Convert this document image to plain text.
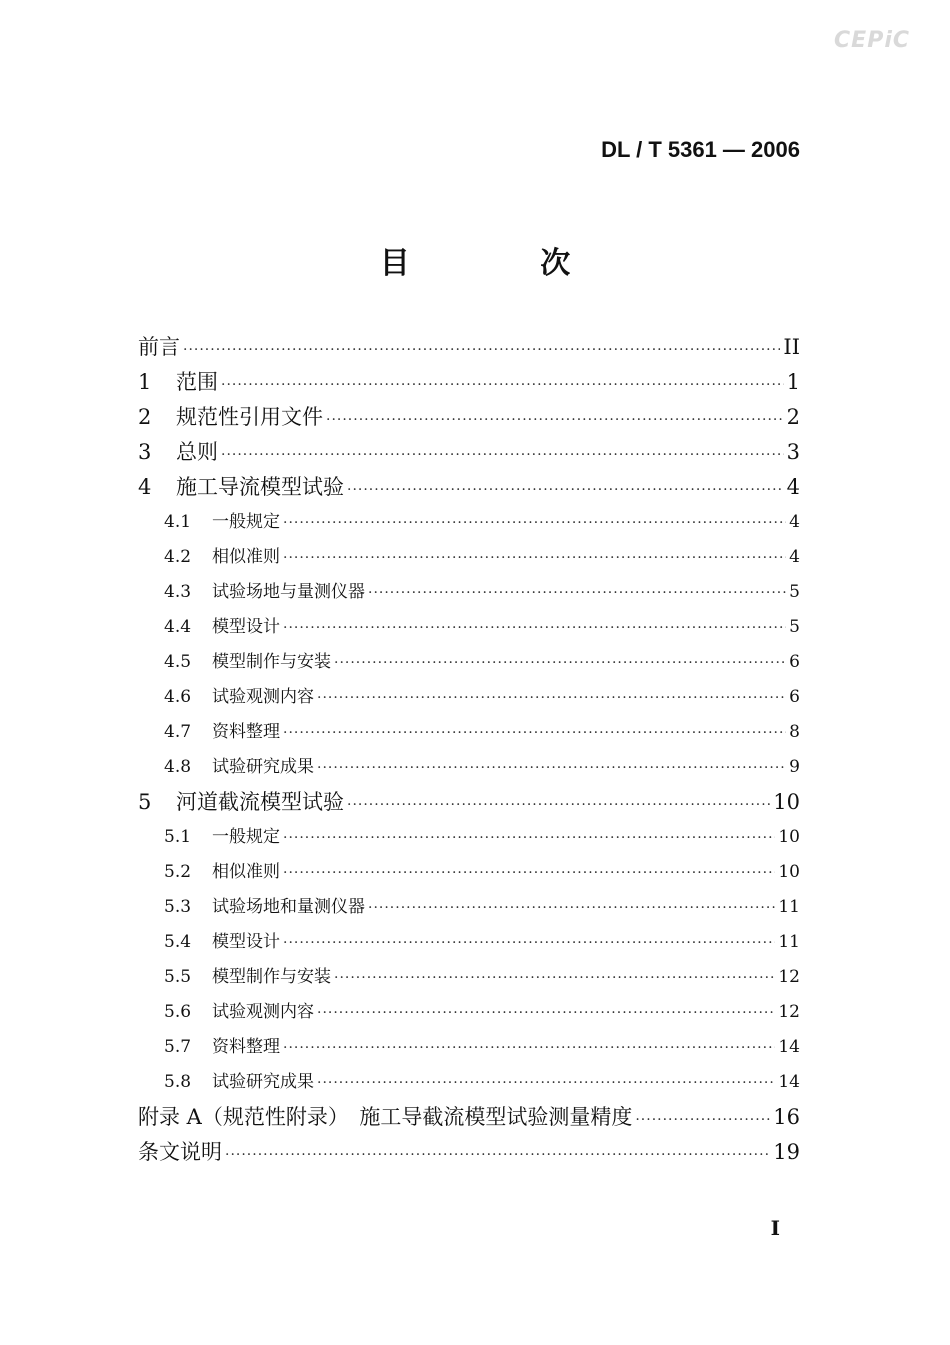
CEPiC
DL / T 5361 — 2006
目 次
前言 ·····	II
1	范围 ·····	1
2	规范性引用文件 ·····	2
3	总则 ·····	3
4	施工导流模型试验 ·····	4
4.1	一般规定 ·····	4
4.2	相似准则 ·····	4
4.3	试验场地与量测仪器 ·····	5
4.4	模型设计 ·····	5
4.5	模型制作与安装 ·····	6
4.6	试验观测内容 ·····	6
4.7	资料整理 ·····	8
4.8	试验研究成果 ·····	9
5	河道截流模型试验 ·····	10
5.1	一般规定 ·····	10
5.2	相似准则 ·····	10
5.3	试验场地和量测仪器 ·····	11
5.4	模型设计 ·····	11
5.5	模型制作与安装 ·····	12
5.6	试验观测内容 ·····	12
5.7	资料整理 ·····	14
5.8	试验研究成果 ·····	14
附录 A（规范性附录）　施工导截流模型试验测量精度 ·····	16
条文说明 ·····	19
I
